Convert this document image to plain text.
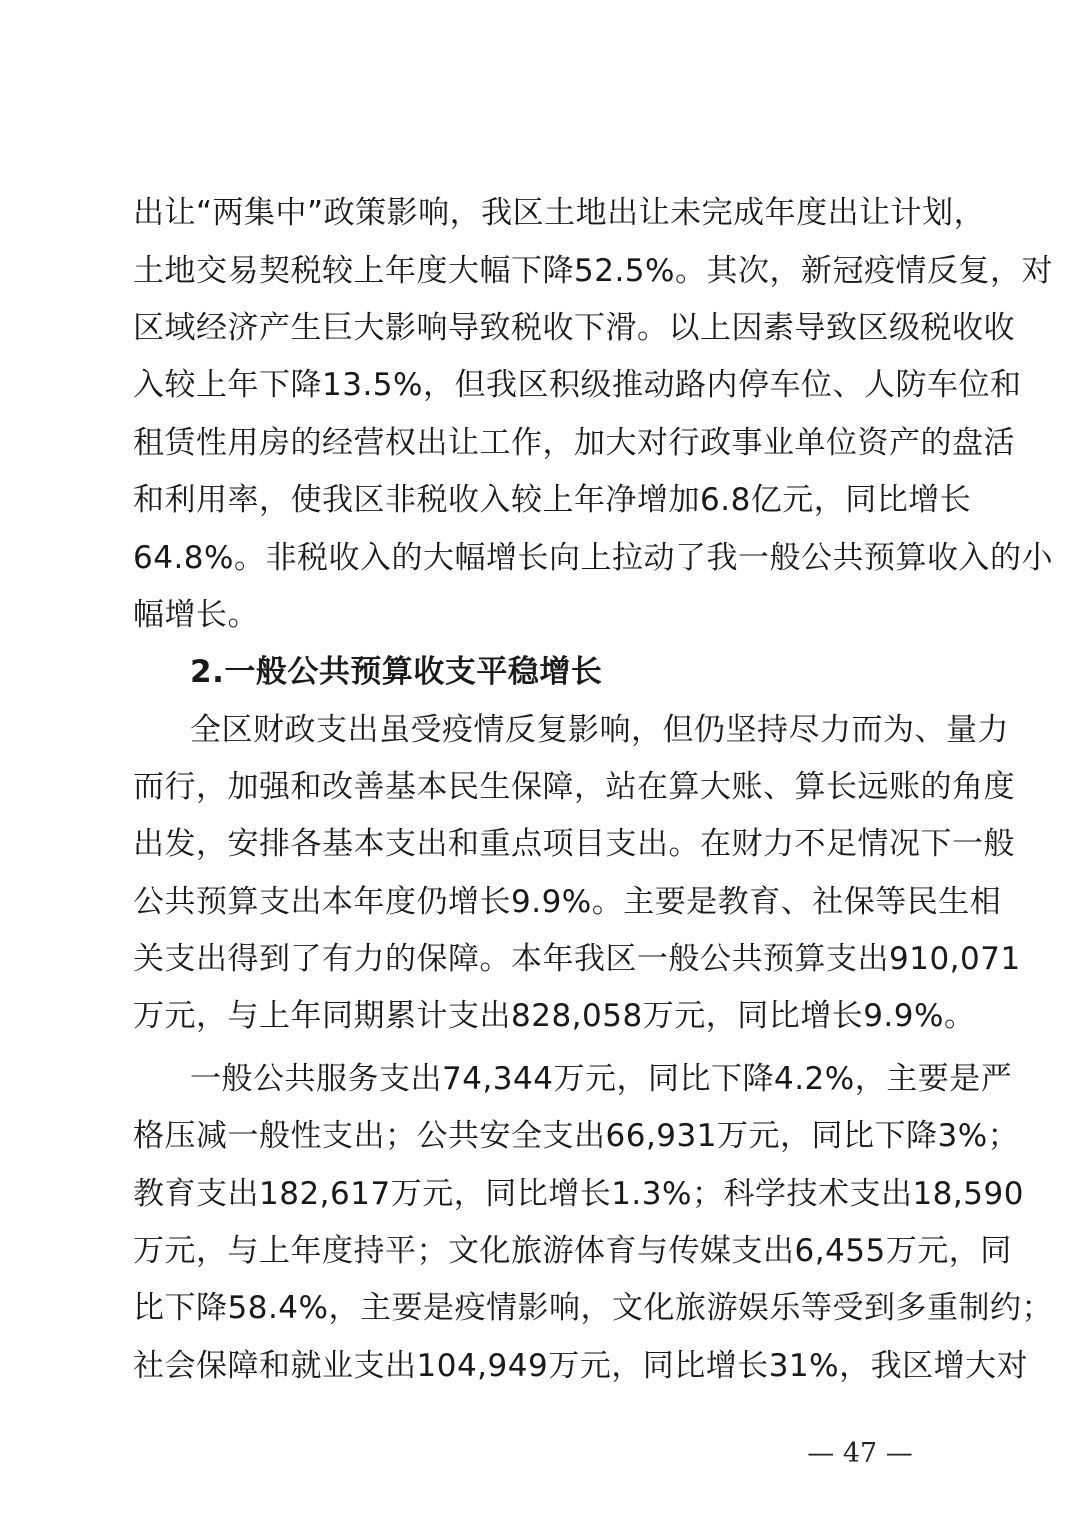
出让“两集中”政策影响，我区土地出让未完成年度出让计划，
土地交易契税较上年度大幅下降52.5%。其次，新冠疫情反复，对
区域经济产生巨大影响导致税收下滑。以上因素导致区级税收收
入较上年下降13.5%，但我区积级推动路内停车位、人防车位和
租赁性用房的经营权出让工作，加大对行政事业单位资产的盘活
和利用率，使我区非税收入较上年净增加6.8亿元，同比增长
64.8%。非税收入的大幅增长向上拉动了我一般公共预算收入的小
幅增长。
2.一般公共预算收支平稳增长
全区财政支出虽受疫情反复影响，但仍坚持尽力而为、量力
而行，加强和改善基本民生保障，站在算大账、算长远账的角度
出发，安排各基本支出和重点项目支出。在财力不足情况下一般
公共预算支出本年度仍增长9.9%。主要是教育、社保等民生相
关支出得到了有力的保障。本年我区一般公共预算支出910,071
万元，与上年同期累计支出828,058万元，同比增长9.9%。
一般公共服务支出74,344万元，同比下降4.2%，主要是严
格压减一般性支出；公共安全支出66,931万元，同比下降3%；
教育支出182,617万元，同比增长1.3%；科学技术支出18,590
万元，与上年度持平；文化旅游体育与传媒支出6,455万元，同
比下降58.4%，主要是疫情影响，文化旅游娱乐等受到多重制约；
社会保障和就业支出104,949万元，同比增长31%，我区增大对
— 47 —
